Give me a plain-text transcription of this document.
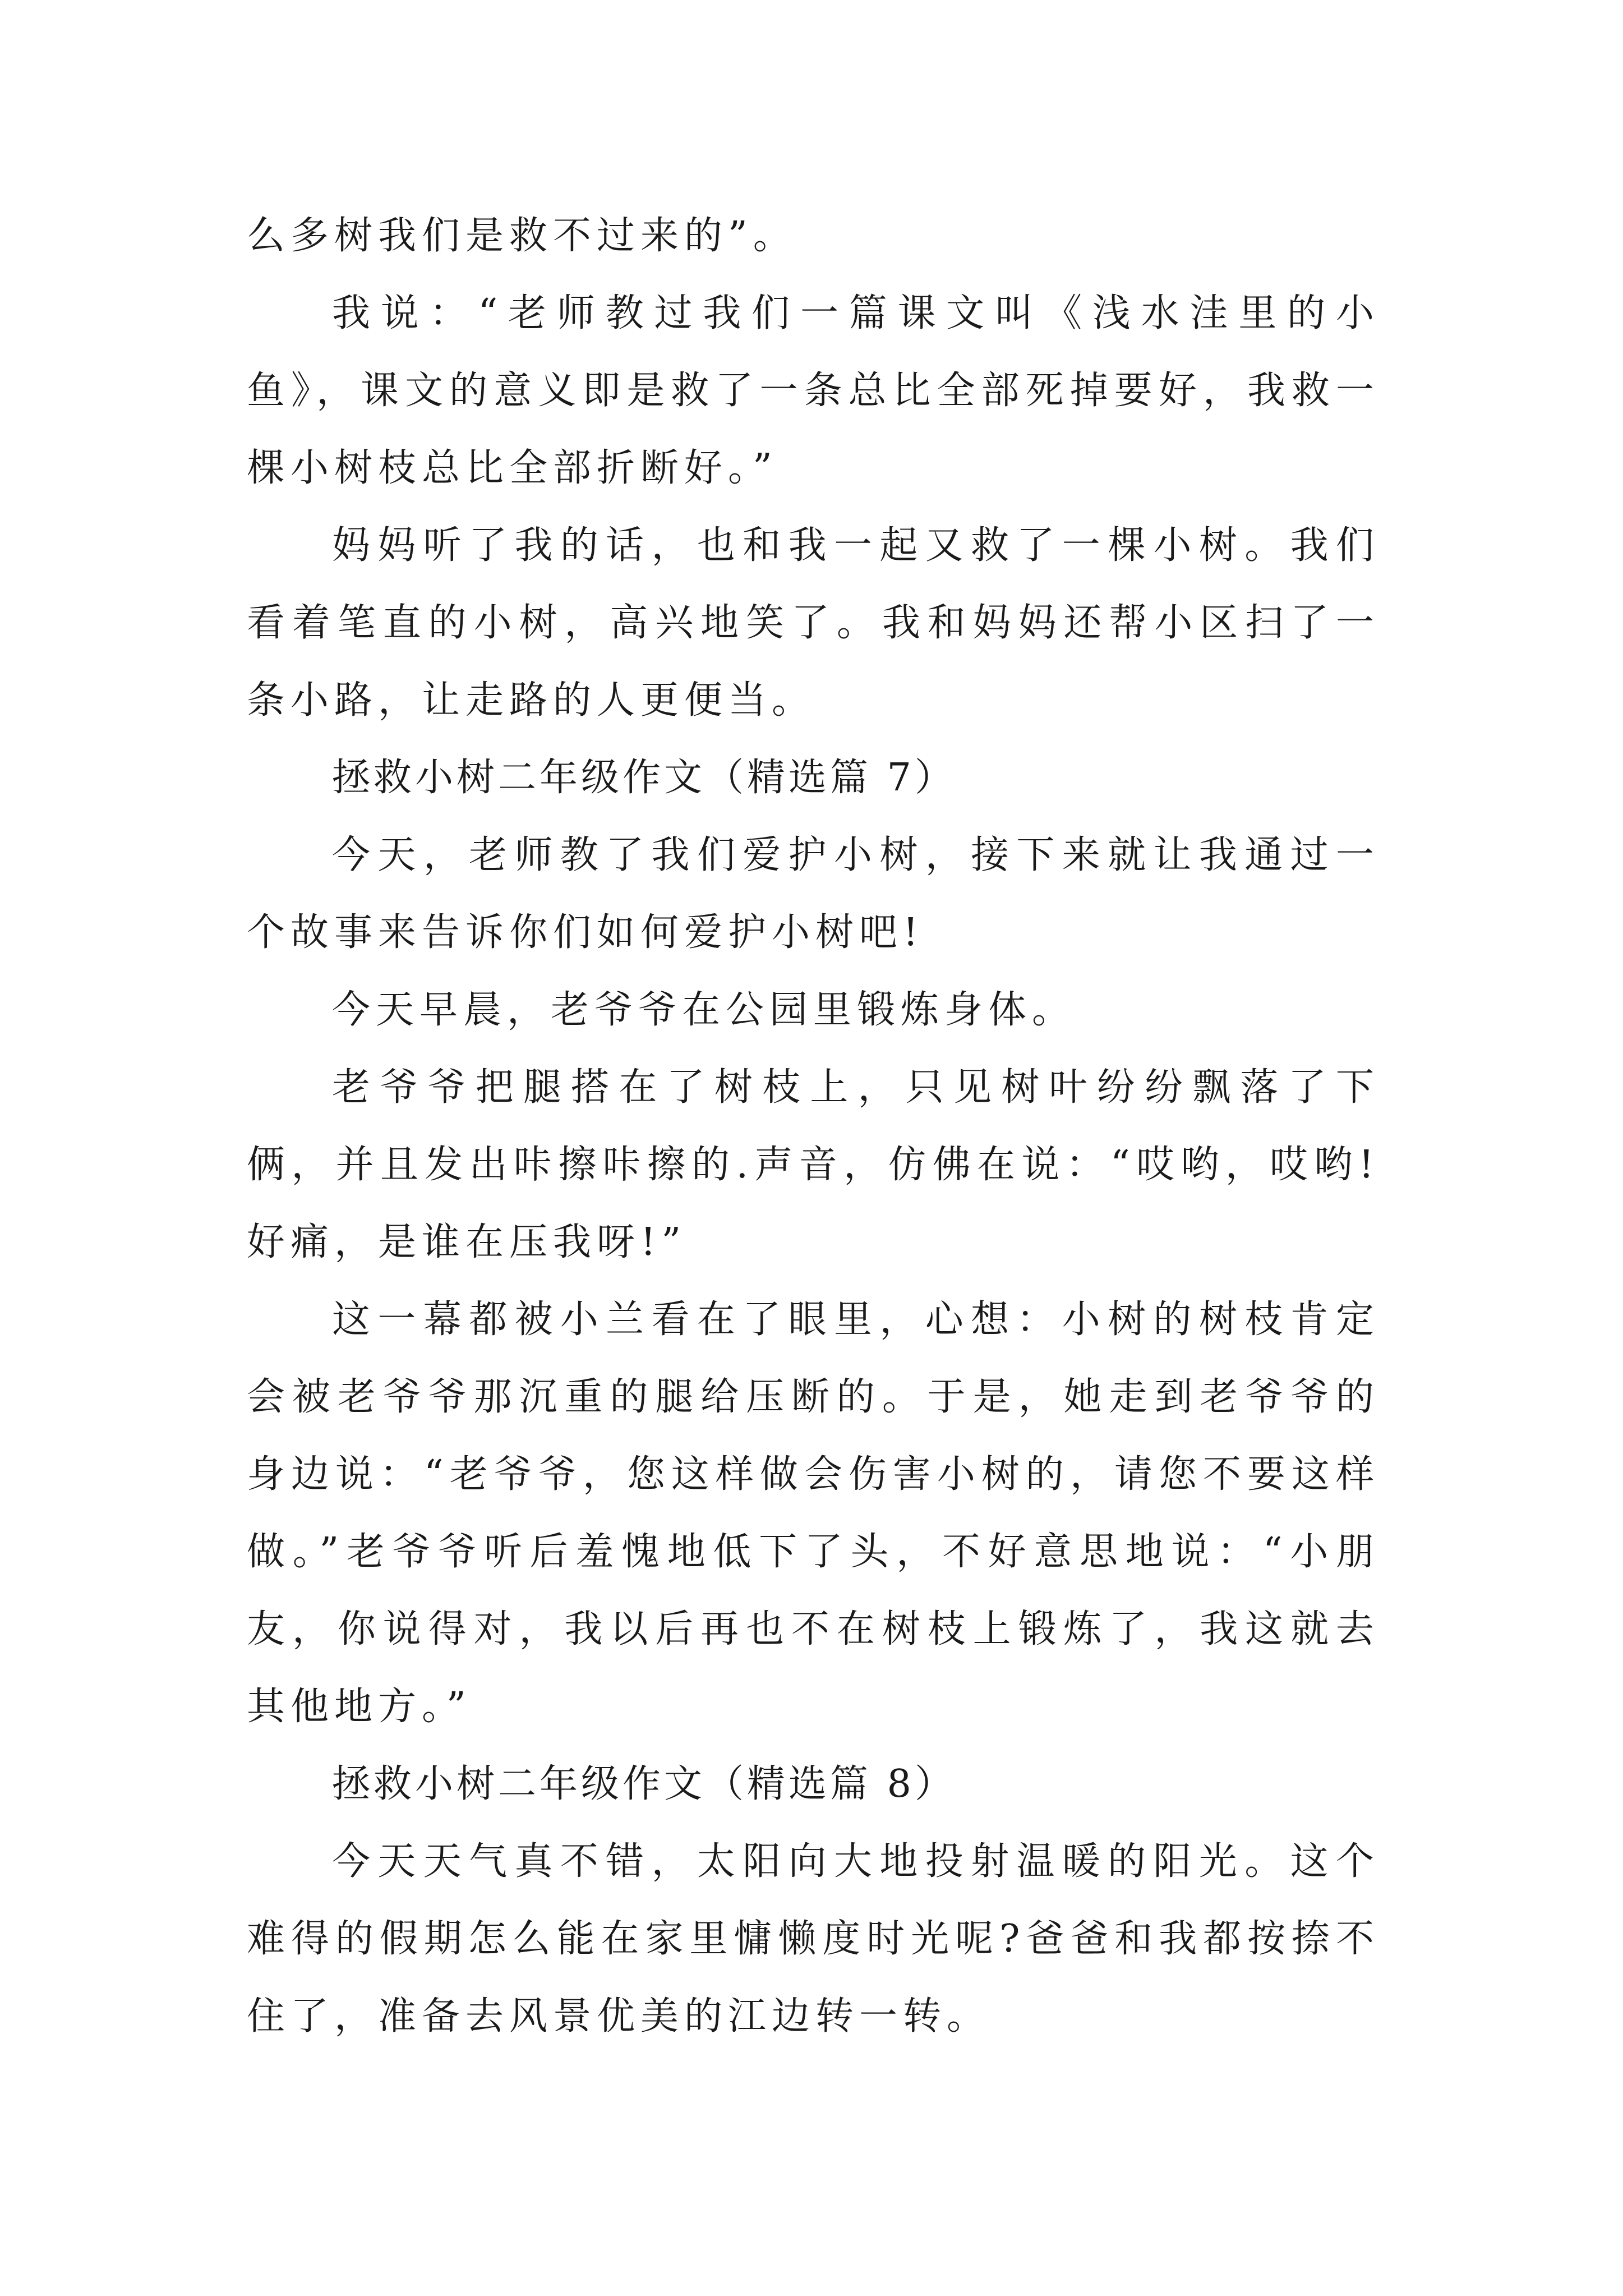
么多树我们是救不过来的”。

我说：“老师教过我们一篇课文叫《浅水洼里的小鱼》，课文的意义即是救了一条总比全部死掉要好，我救一棵小树枝总比全部折断好。”

妈妈听了我的话，也和我一起又救了一棵小树。我们看着笔直的小树，高兴地笑了。我和妈妈还帮小区扫了一条小路，让走路的人更便当。

拯救小树二年级作文（精选篇 7）

今天，老师教了我们爱护小树，接下来就让我通过一个故事来告诉你们如何爱护小树吧!

今天早晨，老爷爷在公园里锻炼身体。

老爷爷把腿搭在了树枝上，只见树叶纷纷飘落了下俩，并且发出咔擦咔擦的.声音，仿佛在说：“哎哟，哎哟!好痛，是谁在压我呀!”

这一幕都被小兰看在了眼里，心想：小树的树枝肯定会被老爷爷那沉重的腿给压断的。于是，她走到老爷爷的身边说：“老爷爷，您这样做会伤害小树的，请您不要这样做。”老爷爷听后羞愧地低下了头，不好意思地说：“小朋友，你说得对，我以后再也不在树枝上锻炼了，我这就去其他地方。”

拯救小树二年级作文（精选篇 8）

今天天气真不错，太阳向大地投射温暖的阳光。这个难得的假期怎么能在家里慵懒度时光呢?爸爸和我都按捺不住了，准备去风景优美的江边转一转。
